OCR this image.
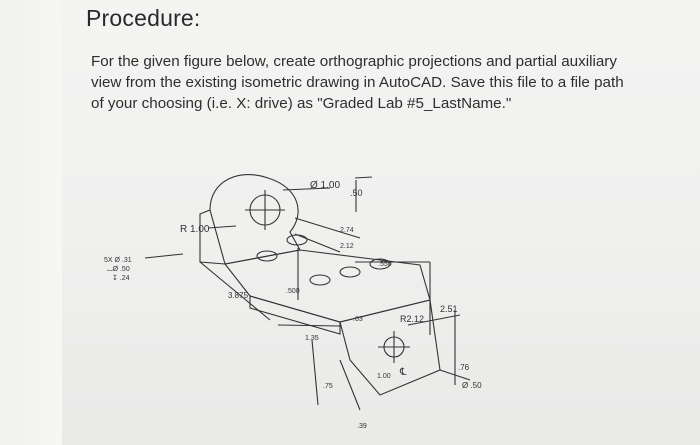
Procedure:
For the given figure below, create orthographic projections and partial auxiliary
view from the existing isometric drawing in AutoCAD. Save this file to a file path
of your choosing (i.e. X: drive) as "Graded Lab #5_LastName."
Ø 1.00
.50
R 1.00	2.74
2.12
.550
3.875	.500
.63
1.35
.75
1.00
.39
R2.12
2.51
℄	.76
Ø .50
5X Ø .31
⌴Ø .50
↧ .24
